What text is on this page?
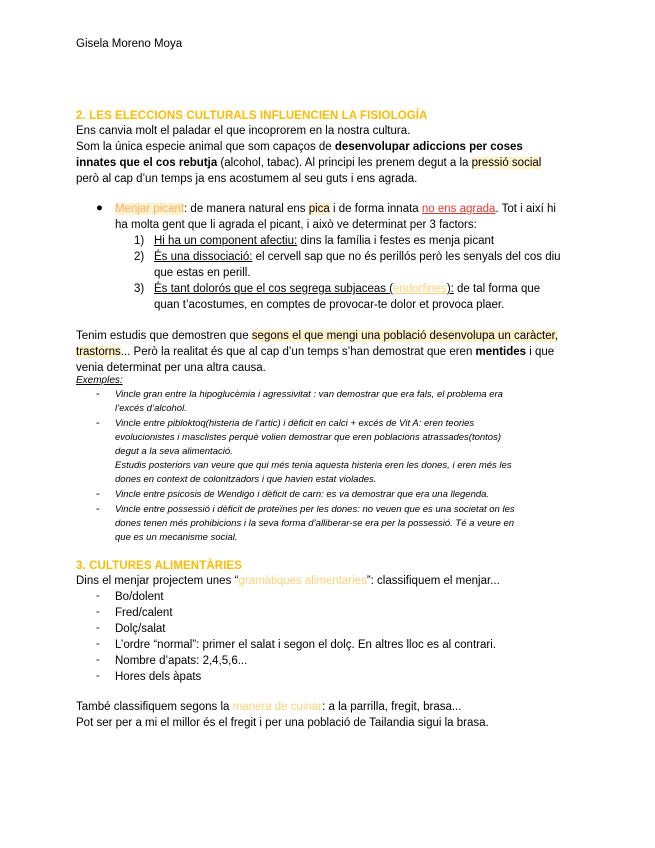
Gisela Moreno Moya
2. LES ELECCIONS CULTURALS INFLUENCIEN LA FISIOLOGÍA
Ens canvia molt el paladar el que incoprorem en la nostra cultura.
Som la única especie animal que som capaços de desenvolupar adiccions per coses
innates que el cos rebutja (alcohol, tabac). Al principi les prenem degut a la pressió social
però al cap d’un temps ja ens acostumem al seu guts i ens agrada.
● Menjar picant: de manera natural ens pica i de forma innata no ens agrada. Tot i així hi
ha molta gent que li agrada el picant, i això ve determinat per 3 factors:
1) Hi ha un component afectiu: dins la família i festes es menja picant
2) És una dissociació: el cervell sap que no és perillós però les senyals del cos diu
que estas en perill.
3) És tant dolorós que el cos segrega subjaceas (endorfines): de tal forma que
quan t’acostumes, en comptes de provocar-te dolor et provoca plaer.
Tenim estudis que demostren que segons el que mengi una població desenvolupa un caràcter,
trastorns... Però la realitat és que al cap d’un temps s’han demostrat que eren mentides i que
venia determinat per una altra causa.
Exemples:
- Vincle gran entre la hipoglucèmia i agressivitat : van demostrar que era fals, el problema era
l’excés d’alcohol.
- Vincle entre pibloktoq(histeria de l’artic) i dèficit en calci + excés de Vit A: eren teories
evolucionistes i masclistes perquè volien demostrar que eren poblacions atrassades(tontos)
degut a la seva alimentació.
Estudis posteriors van veure que qui més tenia aquesta histeria eren les dones, i eren més les
dones en context de colonitzadors i que havien estat violades.
- Vincle entre psicosis de Wendigo i dèficit de carn: es va demostrar que era una llegenda.
- Vincle entre possessió i dèficit de proteïnes per les dones: no veuen que es una societat on les
dones tenen més prohibicions i la seva forma d’alliberar-se era per la possessió. Té a veure en
que es un mecanisme social.
3. CULTURES ALIMENTÀRIES
Dins el menjar projectem unes “gramàtiques alimentaries”: classifiquem el menjar...
- Bo/dolent
- Fred/calent
- Dolç/salat
- L’ordre “normal”: primer el salat i segon el dolç. En altres lloc es al contrari.
- Nombre d’apats: 2,4,5,6...
- Hores dels àpats
També classifiquem segons la manera de cuinar: a la parrilla, fregit, brasa...
Pot ser per a mi el millor és el fregit i per una població de Tailandia sigui la brasa.
